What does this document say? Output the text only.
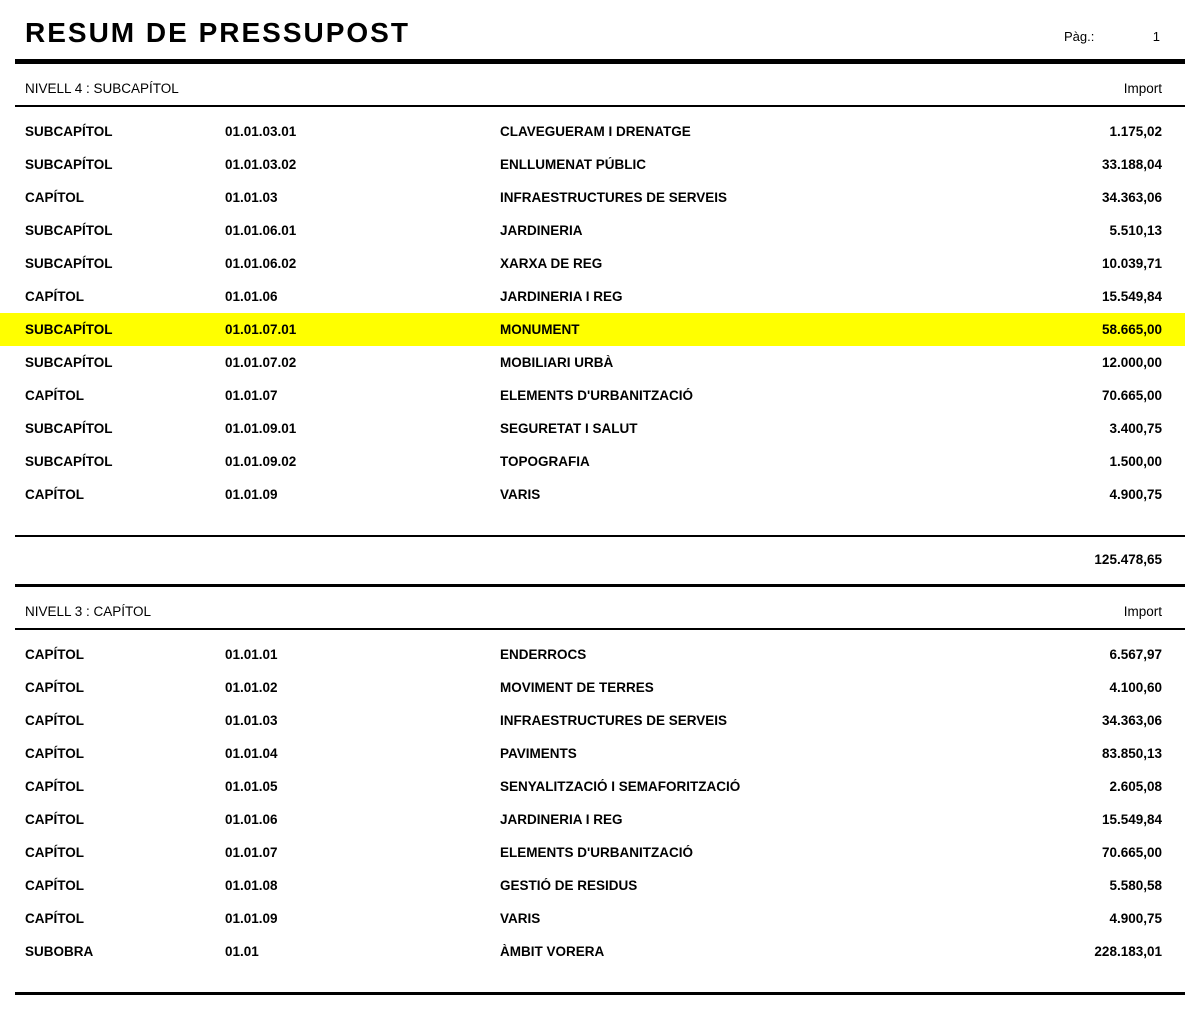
RESUM DE PRESSUPOST	Pàg.:	1
NIVELL 4 : SUBCAPÍTOL	Import
SUBCAPÍTOL	01.01.03.01	CLAVEGUERAM I DRENATGE	1.175,02
SUBCAPÍTOL	01.01.03.02	ENLLUMENAT PÚBLIC	33.188,04
CAPÍTOL	01.01.03	INFRAESTRUCTURES DE SERVEIS	34.363,06
SUBCAPÍTOL	01.01.06.01	JARDINERIA	5.510,13
SUBCAPÍTOL	01.01.06.02	XARXA DE REG	10.039,71
CAPÍTOL	01.01.06	JARDINERIA I REG	15.549,84
SUBCAPÍTOL	01.01.07.01	MONUMENT	58.665,00
SUBCAPÍTOL	01.01.07.02	MOBILIARI URBÀ	12.000,00
CAPÍTOL	01.01.07	ELEMENTS D'URBANITZACIÓ	70.665,00
SUBCAPÍTOL	01.01.09.01	SEGURETAT I SALUT	3.400,75
SUBCAPÍTOL	01.01.09.02	TOPOGRAFIA	1.500,00
CAPÍTOL	01.01.09	VARIS	4.900,75
125.478,65
NIVELL 3 : CAPÍTOL	Import
CAPÍTOL	01.01.01	ENDERROCS	6.567,97
CAPÍTOL	01.01.02	MOVIMENT DE TERRES	4.100,60
CAPÍTOL	01.01.03	INFRAESTRUCTURES DE SERVEIS	34.363,06
CAPÍTOL	01.01.04	PAVIMENTS	83.850,13
CAPÍTOL	01.01.05	SENYALITZACIÓ I SEMAFORITZACIÓ	2.605,08
CAPÍTOL	01.01.06	JARDINERIA I REG	15.549,84
CAPÍTOL	01.01.07	ELEMENTS D'URBANITZACIÓ	70.665,00
CAPÍTOL	01.01.08	GESTIÓ DE RESIDUS	5.580,58
CAPÍTOL	01.01.09	VARIS	4.900,75
SUBOBRA	01.01	ÀMBIT VORERA	228.183,01
